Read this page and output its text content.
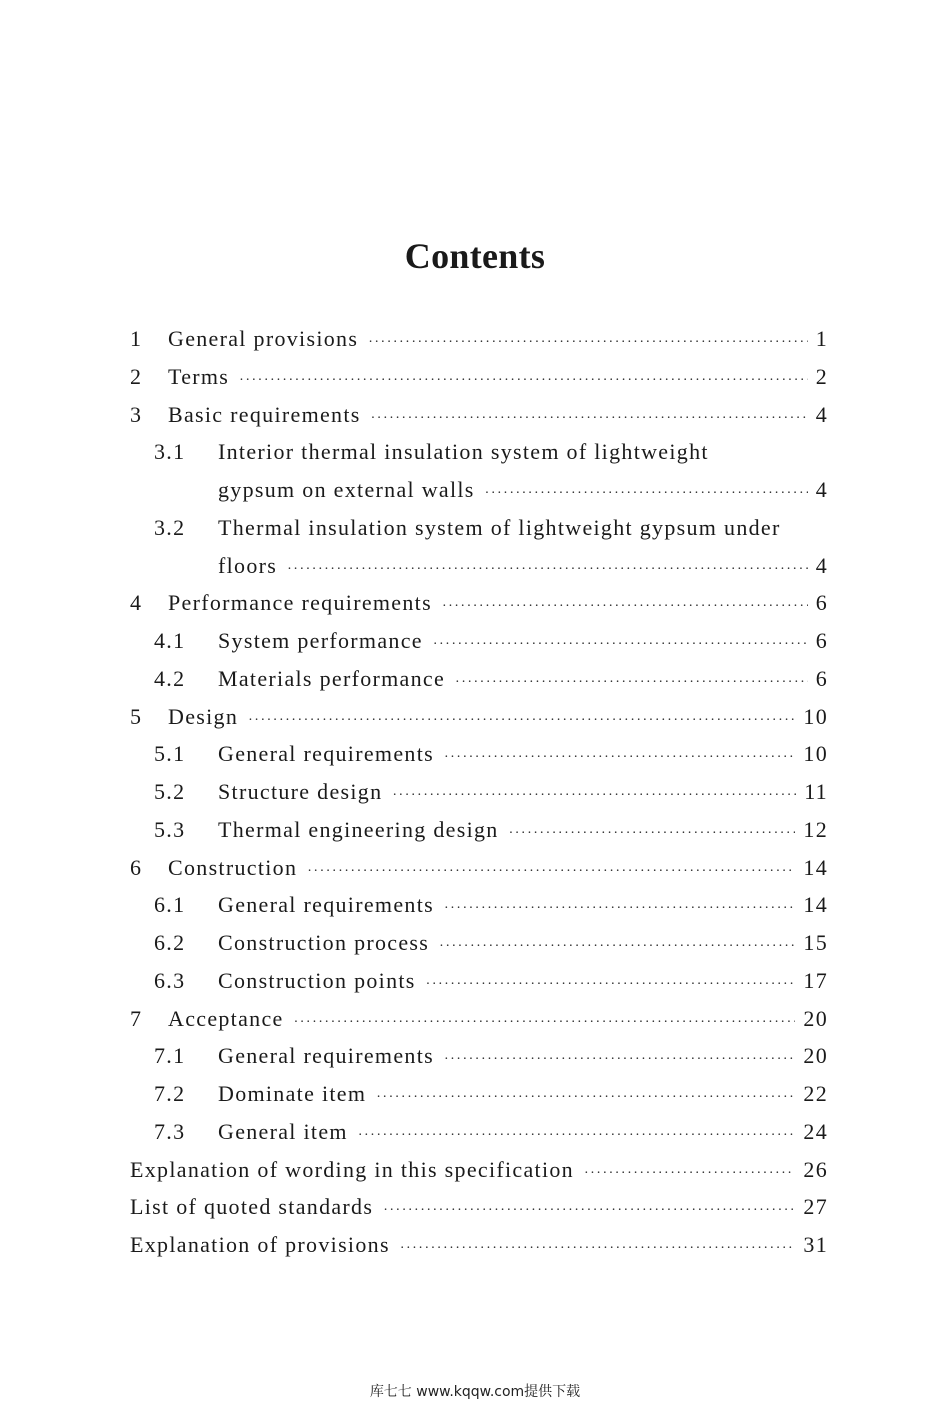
Contents
1	General provisions ·····	1
2	Terms ·····	2
3	Basic requirements ·····	4
3.1	Interior thermal insulation system of lightweight
gypsum on external walls ·····	4
3.2	Thermal insulation system of lightweight gypsum under
floors ·····	4
4	Performance requirements ·····	6
4.1	System performance ·····	6
4.2	Materials performance ·····	6
5	Design ·····	10
5.1	General requirements ·····	10
5.2	Structure design ·····	11
5.3	Thermal engineering design ·····	12
6	Construction ·····	14
6.1	General requirements ·····	14
6.2	Construction process ·····	15
6.3	Construction points ·····	17
7	Acceptance ·····	20
7.1	General requirements ·····	20
7.2	Dominate item ·····	22
7.3	General item ·····	24
Explanation of wording in this specification ·····	26
List of quoted standards ·····	27
Explanation of provisions ·····	31
库七七 www.kqqw.com提供下载
